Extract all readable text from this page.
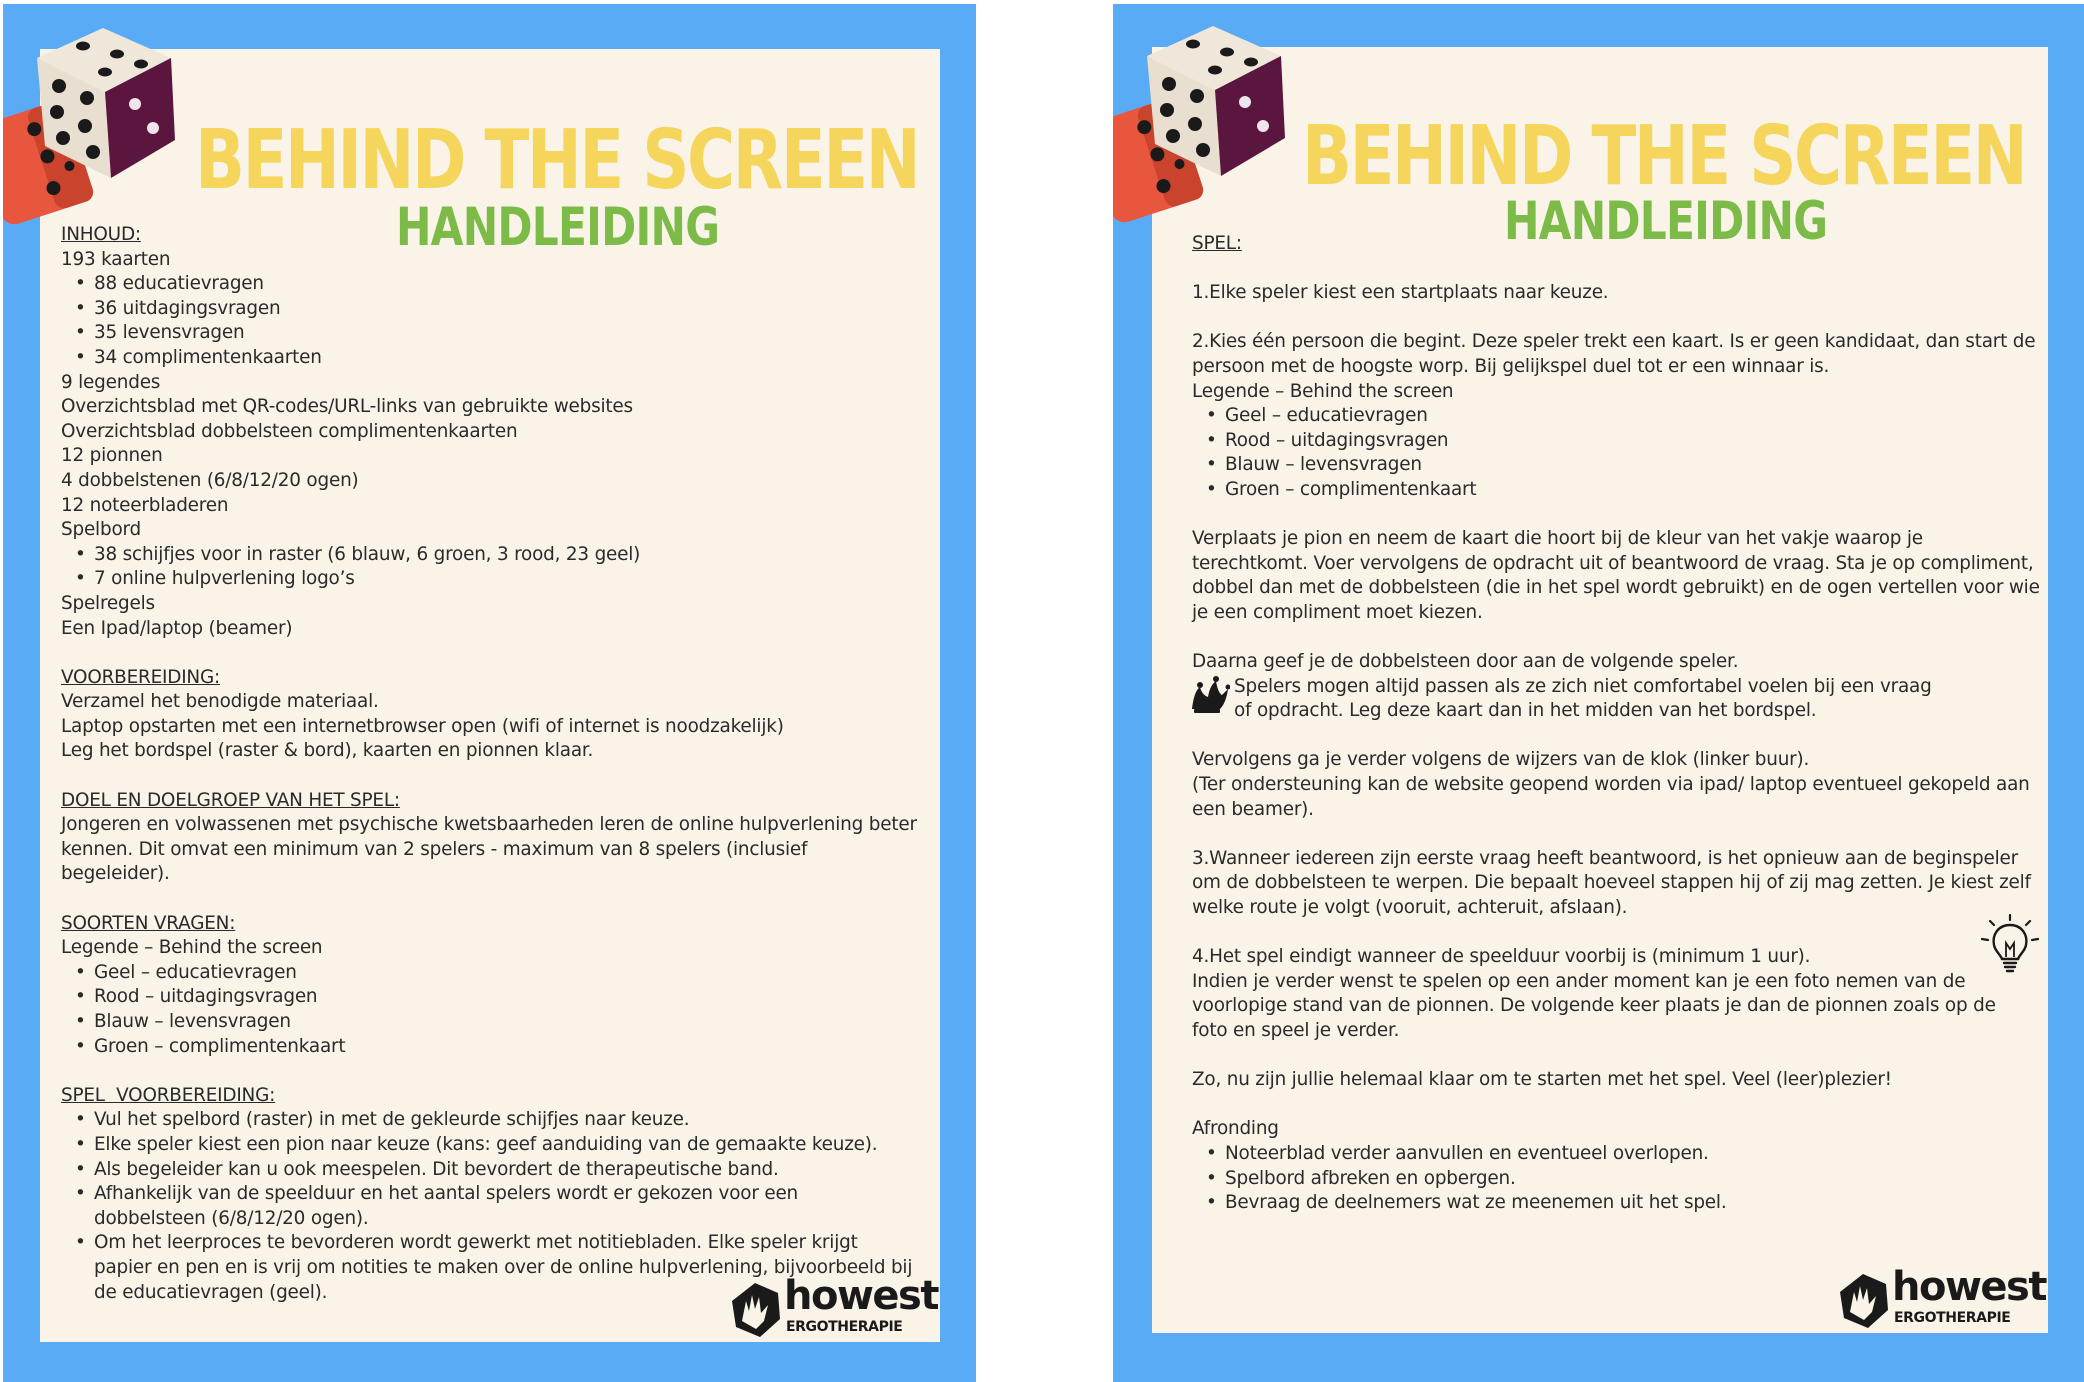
BEHIND THE SCREEN
HANDLEIDING

INHOUD:

193 kaarten

• 88 educatievragen
• 36 uitdagingsvragen
• 35 levensvragen
• 34 complimentenkaarten

9 legendes

Overzichtsblad met QR-codes/URL-links van gebruikte websites

Overzichtsblad dobbelsteen complimentenkaarten

12 pionnen

4 dobbelstenen (6/8/12/20 ogen)

12 noteerbladeren

Spelbord

• 38 schijfjes voor in raster (6 blauw, 6 groen, 3 rood, 23 geel)
• 7 online hulpverlening logo’s

Spelregels

Een Ipad/laptop (beamer)

VOORBEREIDING:

Verzamel het benodigde materiaal.

Laptop opstarten met een internetbrowser open (wifi of internet is noodzakelijk)

Leg het bordspel (raster & bord), kaarten en pionnen klaar.

DOEL EN DOELGROEP VAN HET SPEL:

Jongeren en volwassenen met psychische kwetsbaarheden leren de online hulpverlening beter kennen. Dit omvat een minimum van 2 spelers - maximum van 8 spelers (inclusief begeleider).

SOORTEN VRAGEN:

Legende – Behind the screen

• Geel – educatievragen
• Rood – uitdagingsvragen
• Blauw – levensvragen
• Groen – complimentenkaart

SPEL  VOORBEREIDING:

• Vul het spelbord (raster) in met de gekleurde schijfjes naar keuze.
• Elke speler kiest een pion naar keuze (kans: geef aanduiding van de gemaakte keuze).
• Als begeleider kan u ook meespelen. Dit bevordert de therapeutische band.
• Afhankelijk van de speelduur en het aantal spelers wordt er gekozen voor een dobbelsteen (6/8/12/20 ogen).
• Om het leerproces te bevorderen wordt gewerkt met notitiebladen. Elke speler krijgt papier en pen en is vrij om notities te maken over de online hulpverlening, bijvoorbeeld bij de educatievragen (geel).	howest
ERGOTHERAPIE
BEHIND THE SCREEN
HANDLEIDING

SPEL:

1.Elke speler kiest een startplaats naar keuze.

2.Kies één persoon die begint. Deze speler trekt een kaart. Is er geen kandidaat, dan start de persoon met de hoogste worp. Bij gelijkspel duel tot er een winnaar is.

Legende – Behind the screen

• Geel – educatievragen
• Rood – uitdagingsvragen
• Blauw – levensvragen
• Groen – complimentenkaart

Verplaats je pion en neem de kaart die hoort bij de kleur van het vakje waarop je terechtkomt. Voer vervolgens de opdracht uit of beantwoord de vraag. Sta je op compliment, dobbel dan met de dobbelsteen (die in het spel wordt gebruikt) en de ogen vertellen voor wie je een compliment moet kiezen.

Daarna geef je de dobbelsteen door aan de volgende speler.

Spelers mogen altijd passen als ze zich niet comfortabel voelen bij een vraag of opdracht. Leg deze kaart dan in het midden van het bordspel.

Vervolgens ga je verder volgens de wijzers van de klok (linker buur).

(Ter ondersteuning kan de website geopend worden via ipad/ laptop eventueel gekopeld aan een beamer).

3.Wanneer iedereen zijn eerste vraag heeft beantwoord, is het opnieuw aan de beginspeler om de dobbelsteen te werpen. Die bepaalt hoeveel stappen hij of zij mag zetten. Je kiest zelf welke route je volgt (vooruit, achteruit, afslaan).

4.Het spel eindigt wanneer de speelduur voorbij is (minimum 1 uur).

Indien je verder wenst te spelen op een ander moment kan je een foto nemen van de voorlopige stand van de pionnen. De volgende keer plaats je dan de pionnen zoals op de foto en speel je verder.

Zo, nu zijn jullie helemaal klaar om te starten met het spel. Veel (leer)plezier!

Afronding

• Noteerblad verder aanvullen en eventueel overlopen.
• Spelbord afbreken en opbergen.
• Bevraag de deelnemers wat ze meenemen uit het spel.
howest
ERGOTHERAPIE
